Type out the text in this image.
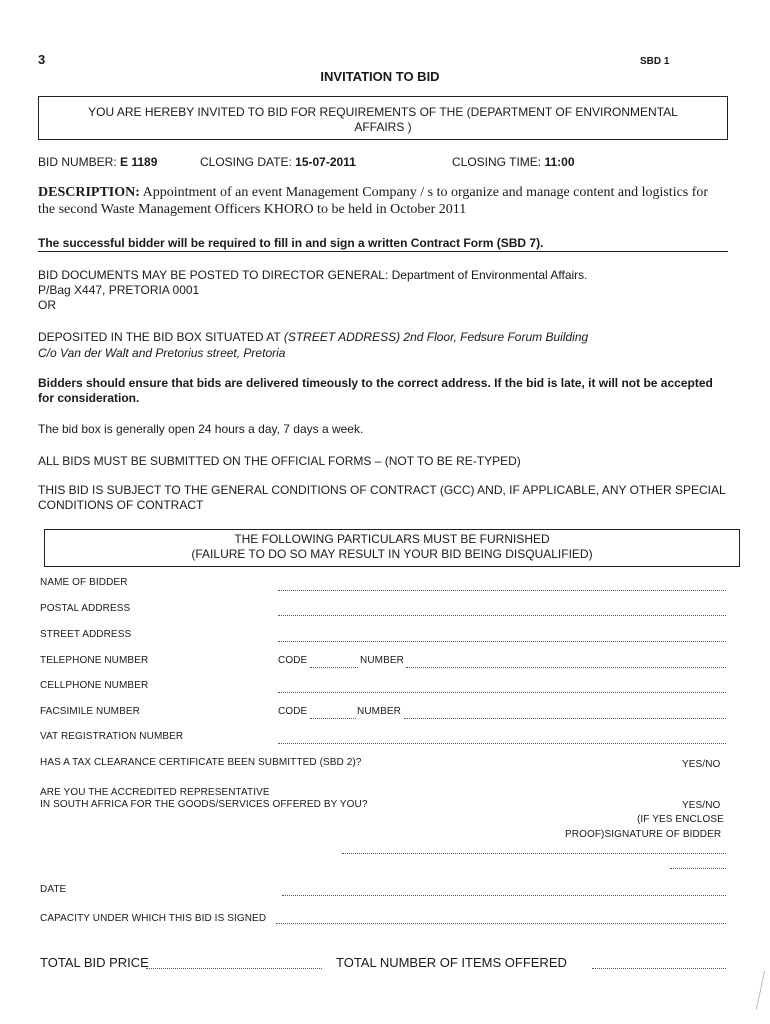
3	SBD 1
INVITATION TO BID
YOU ARE HEREBY INVITED TO BID FOR REQUIREMENTS OF THE (DEPARTMENT OF ENVIRONMENTAL AFFAIRS )
BID NUMBER: E 1189	CLOSING DATE: 15-07-2011	CLOSING TIME: 11:00
DESCRIPTION: Appointment of an event Management Company / s to organize and manage content and logistics for the second Waste Management Officers KHORO to be held in October 2011
The successful bidder will be required to fill in and sign a written Contract Form (SBD 7).
BID DOCUMENTS MAY BE POSTED TO DIRECTOR GENERAL: Department of Environmental Affairs.
P/Bag X447, PRETORIA 0001
OR
DEPOSITED IN THE BID BOX SITUATED AT (STREET ADDRESS) 2nd Floor, Fedsure Forum Building
C/o Van der Walt and Pretorius street, Pretoria
Bidders should ensure that bids are delivered timeously to the correct address. If the bid is late, it will not be accepted for consideration.
The bid box is generally open 24 hours a day, 7 days a week.
ALL BIDS MUST BE SUBMITTED ON THE OFFICIAL FORMS – (NOT TO BE RE-TYPED)
THIS BID IS SUBJECT TO THE GENERAL CONDITIONS OF CONTRACT (GCC) AND, IF APPLICABLE, ANY OTHER SPECIAL CONDITIONS OF CONTRACT
THE FOLLOWING PARTICULARS MUST BE FURNISHED
(FAILURE TO DO SO MAY RESULT IN YOUR BID BEING DISQUALIFIED)
NAME OF BIDDER
POSTAL ADDRESS
STREET ADDRESS
TELEPHONE NUMBER	CODE	NUMBER
CELLPHONE NUMBER
FACSIMILE NUMBER	CODE	NUMBER
VAT REGISTRATION NUMBER
HAS A TAX CLEARANCE CERTIFICATE BEEN SUBMITTED (SBD 2)?	YES/NO
ARE YOU THE ACCREDITED REPRESENTATIVE
IN SOUTH AFRICA FOR THE GOODS/SERVICES OFFERED BY YOU?	YES/NO
(IF YES ENCLOSE
PROOF)SIGNATURE OF BIDDER
DATE
CAPACITY UNDER WHICH THIS BID IS SIGNED
TOTAL BID PRICE	TOTAL NUMBER OF ITEMS OFFERED
